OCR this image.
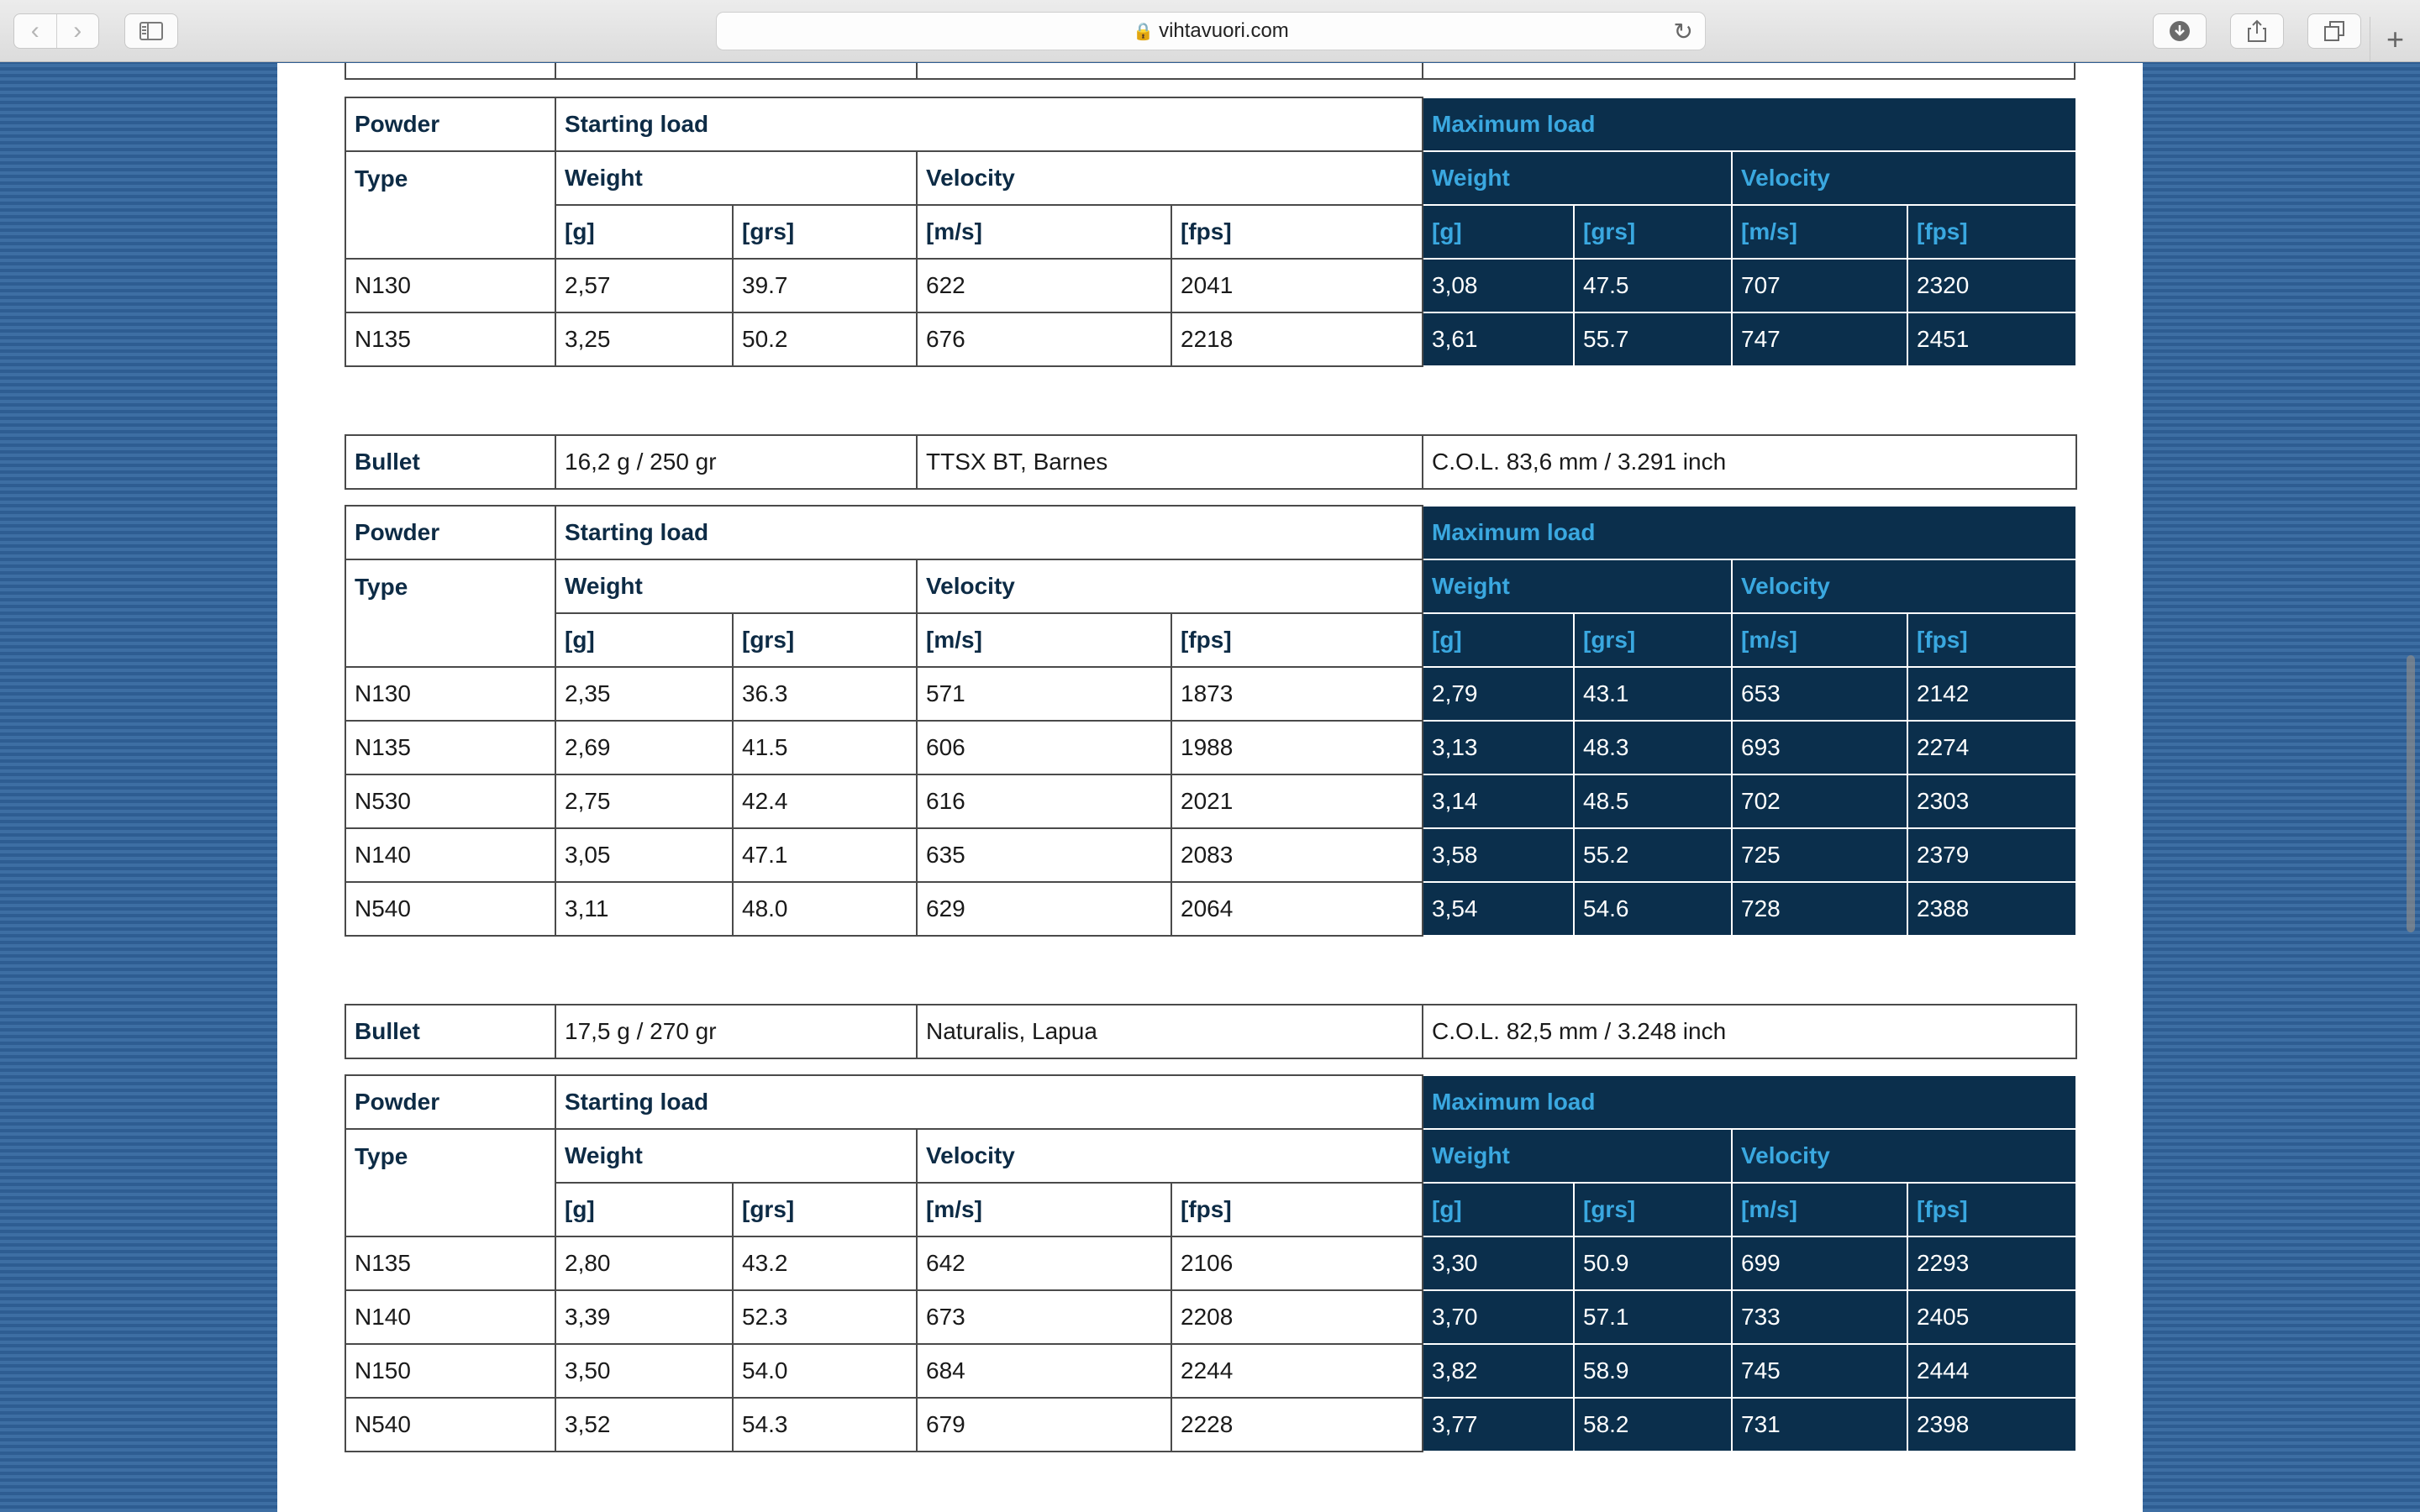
‹	›	🔒 vihtavuori.com	↻	+
Powder	Starting load				Maximum load			
Type	Weight		Velocity		Weight		Velocity	
	[g]	[grs]	[m/s]	[fps]	[g]	[grs]	[m/s]	[fps]
N130	2,57	39.7	622	2041	3,08	47.5	707	2320
N135	3,25	50.2	676	2218	3,61	55.7	747	2451
Bullet	16,2 g / 250 gr	TTSX BT, Barnes	C.O.L. 83,6 mm / 3.291 inch
Powder	Starting load				Maximum load			
Type	Weight		Velocity		Weight		Velocity	
	[g]	[grs]	[m/s]	[fps]	[g]	[grs]	[m/s]	[fps]
N130	2,35	36.3	571	1873	2,79	43.1	653	2142
N135	2,69	41.5	606	1988	3,13	48.3	693	2274
N530	2,75	42.4	616	2021	3,14	48.5	702	2303
N140	3,05	47.1	635	2083	3,58	55.2	725	2379
N540	3,11	48.0	629	2064	3,54	54.6	728	2388
Bullet	17,5 g / 270 gr	Naturalis, Lapua	C.O.L. 82,5 mm / 3.248 inch
Powder	Starting load				Maximum load			
Type	Weight		Velocity		Weight		Velocity	
	[g]	[grs]	[m/s]	[fps]	[g]	[grs]	[m/s]	[fps]
N135	2,80	43.2	642	2106	3,30	50.9	699	2293
N140	3,39	52.3	673	2208	3,70	57.1	733	2405
N150	3,50	54.0	684	2244	3,82	58.9	745	2444
N540	3,52	54.3	679	2228	3,77	58.2	731	2398
